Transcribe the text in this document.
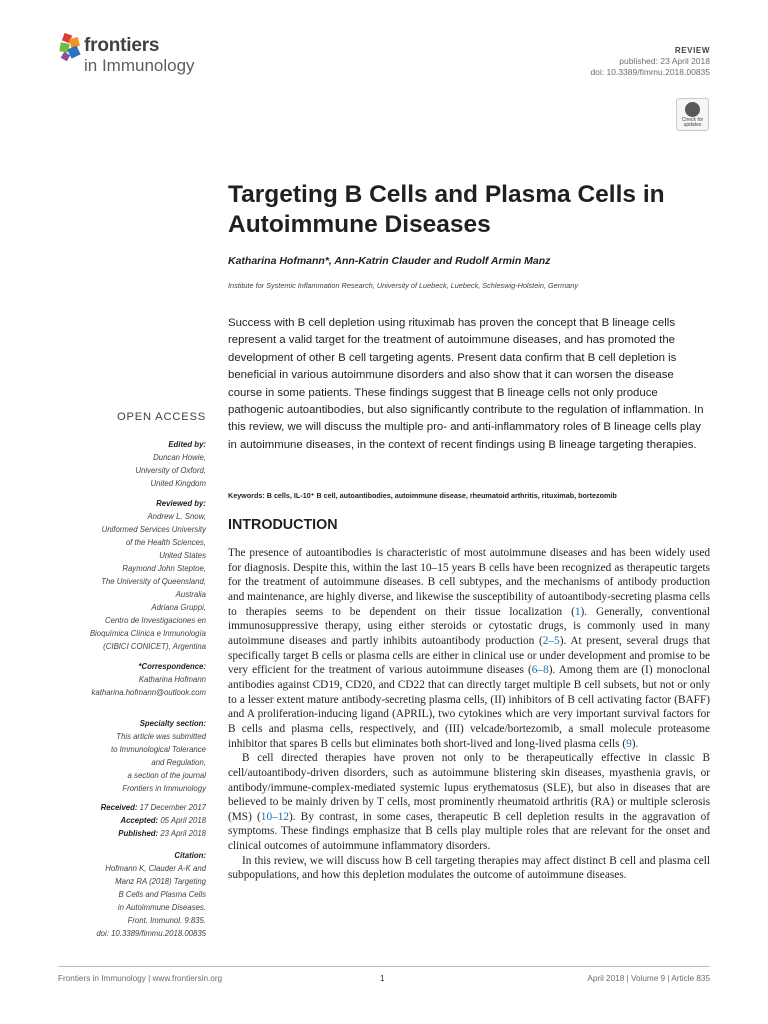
frontiers
in Immunology
REVIEW
published: 23 April 2018
doi: 10.3389/fimmu.2018.00835
Check for
updates
Targeting B Cells and Plasma Cells in Autoimmune Diseases
Katharina Hofmann*, Ann-Katrin Clauder and Rudolf Armin Manz
Institute for Systemic Inflammation Research, University of Luebeck, Luebeck, Schleswig-Holstein, Germany
Success with B cell depletion using rituximab has proven the concept that B lineage cells represent a valid target for the treatment of autoimmune diseases, and has promoted the development of other B cell targeting agents. Present data confirm that B cell depletion is beneficial in various autoimmune disorders and also show that it can worsen the disease course in some patients. These findings suggest that B lineage cells not only produce pathogenic autoantibodies, but also significantly contribute to the regulation of inflammation. In this review, we will discuss the multiple pro- and anti-inflammatory roles of B lineage cells play in autoimmune diseases, in the context of recent findings using B lineage targeting therapies.
Keywords: B cells, IL-10⁺ B cell, autoantibodies, autoimmune disease, rheumatoid arthritis, rituximab, bortezomib
INTRODUCTION

The presence of autoantibodies is characteristic of most autoimmune diseases and has been widely used for diagnosis. Despite this, within the last 10–15 years B cells have been recognized as therapeutic targets for the treatment of autoimmune diseases. B cell subtypes, and the mechanisms of antibody production and maintenance, are highly diverse, and likewise the susceptibility of autoantibody-secreting plasma cells to therapies seems to be dependent on their tissue localization (1). Generally, conventional immunosuppressive therapy, using either steroids or cytostatic drugs, is commonly used in many autoimmune diseases and partly inhibits autoantibody production (2–5). At present, several drugs that specifically target B cells or plasma cells are either in clinical use or under development and promise to be very efficient for the treatment of various autoimmune diseases (6–8). Among them are (I) monoclonal antibodies against CD19, CD20, and CD22 that can directly target multiple B cell subsets, but not or only to a lesser extent mature antibody-secreting plasma cells, (II) inhibitors of B cell activating factor (BAFF) and A proliferation-inducing ligand (APRIL), two cytokines which are very important survival factors for B cells and plasma cells, respectively, and (III) velcade/bortezomib, a small molecule proteasome inhibitor that spares B cells but eliminates both short-lived and long-lived plasma cells (9).

B cell directed therapies have proven not only to be therapeutically effective in classic B cell/autoantibody-driven disorders, such as autoimmune blistering skin diseases, myasthenia gravis, or antibody/immune-complex-mediated systemic lupus erythematosus (SLE), but also in diseases that are believed to be mainly driven by T cells, most prominently rheumatoid arthritis (RA) or multiple sclerosis (MS) (10–12). By contrast, in some cases, therapeutic B cell depletion results in the aggravation of symptoms. These findings emphasize that B cells play multiple roles that are relevant for the onset and clinical outcomes of autoimmune inflammatory disorders.

In this review, we will discuss how B cell targeting therapies may affect distinct B cell and plasma cell subpopulations, and how this depletion modulates the outcome of autoimmune diseases.

OPEN ACCESS
Edited by:
Duncan Howie,
University of Oxford,
United Kingdom
Reviewed by:
Andrew L. Snow,
Uniformed Services University
of the Health Sciences,
United States
Raymond John Steptoe,
The University of Queensland,
Australia
Adriana Gruppi,
Centro de Investigaciones en
Bioquímica Clínica e Inmunología
(CIBICI CONICET), Argentina
*Correspondence:
Katharina Hofmann
katharina.hofmann@outlook.com
Specialty section:
This article was submitted
to Immunological Tolerance
and Regulation,
a section of the journal
Frontiers in Immunology
Received: 17 December 2017
Accepted: 05 April 2018
Published: 23 April 2018
Citation:
Hofmann K, Clauder A-K and
Manz RA (2018) Targeting
B Cells and Plasma Cells
in Autoimmune Diseases.
Front. Immunol. 9:835.
doi: 10.3389/fimmu.2018.00835
Frontiers in Immunology | www.frontiersin.org	1	April 2018 | Volume 9 | Article 835
